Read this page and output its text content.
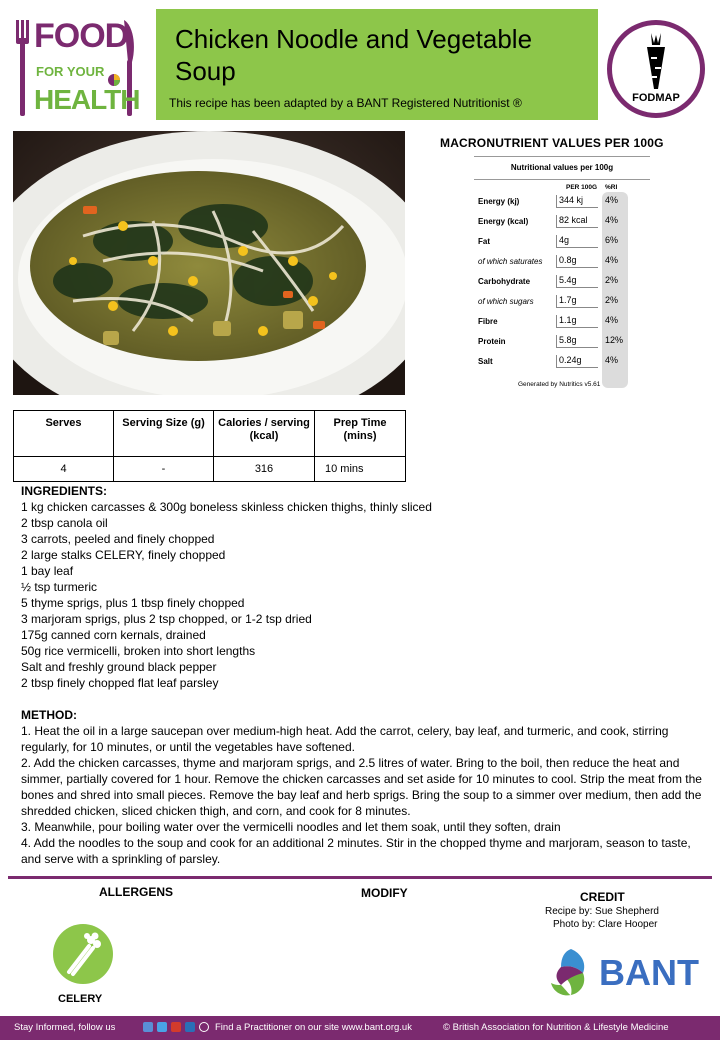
FOOD
FOR YOUR
HEALTH
Chicken Noodle and Vegetable Soup
This recipe has been adapted by a BANT Registered Nutritionist ®	FODMAP
MACRONUTRIENT VALUES PER 100G
Nutritional values per 100g
PER 100G %RI
Energy (kj)	344 kj	4%
Energy (kcal)	82 kcal	4%
Fat	4g	6%
of which saturates	0.8g	4%
Carbohydrate	5.4g	2%
of which sugars	1.7g	2%
Fibre	1.1g	4%
Protein	5.8g	12%
Salt	0.24g	4%
Generated by Nutritics v5.61
Serves	Serving Size (g)	Calories / serving (kcal)	Prep Time (mins)
4	-	316	10 mins

INGREDIENTS:

1 kg chicken carcasses & 300g boneless skinless chicken thighs, thinly sliced

2 tbsp canola oil

3 carrots, peeled and finely chopped

2 large stalks CELERY, finely chopped

1 bay leaf

½ tsp turmeric

5 thyme sprigs, plus 1 tbsp finely chopped

3 marjoram sprigs, plus 2 tsp chopped, or 1-2 tsp dried

175g canned corn kernals, drained

50g rice vermicelli, broken into short lengths

Salt and freshly ground black pepper

2 tbsp finely chopped flat leaf parsley

METHOD:

1. Heat the oil in a large saucepan over medium-high heat. Add the carrot, celery, bay leaf, and turmeric, and cook, stirring regularly, for 10 minutes, or until the vegetables have softened.

2. Add the chicken carcasses, thyme and marjoram sprigs, and 2.5 litres of water. Bring to the boil, then reduce the heat and simmer, partially covered for 1 hour. Remove the chicken carcasses and set aside for 10 minutes to cool. Strip the meat from the bones and shred into small pieces. Remove the bay leaf and herb sprigs. Bring the soup to a simmer over medium, then add the shredded chicken, sliced chicken thigh, and corn, and cook for 8 minutes.

3. Meanwhile, pour boiling water over the vermicelli noodles and let them soak, until they soften, drain

4. Add the noodles to the soup and cook for an additional 2 minutes. Stir in the chopped thyme and marjoram, season to taste, and serve with a sprinkling of parsley.

ALLERGENS	MODIFY	CREDIT
Recipe by: Sue Shepherd
Photo by: Clare Hooper
CELERY
BANT
Stay Informed, follow us	Find a Practitioner on our site www.bant.org.uk	© British Association for Nutrition & Lifestyle Medicine
